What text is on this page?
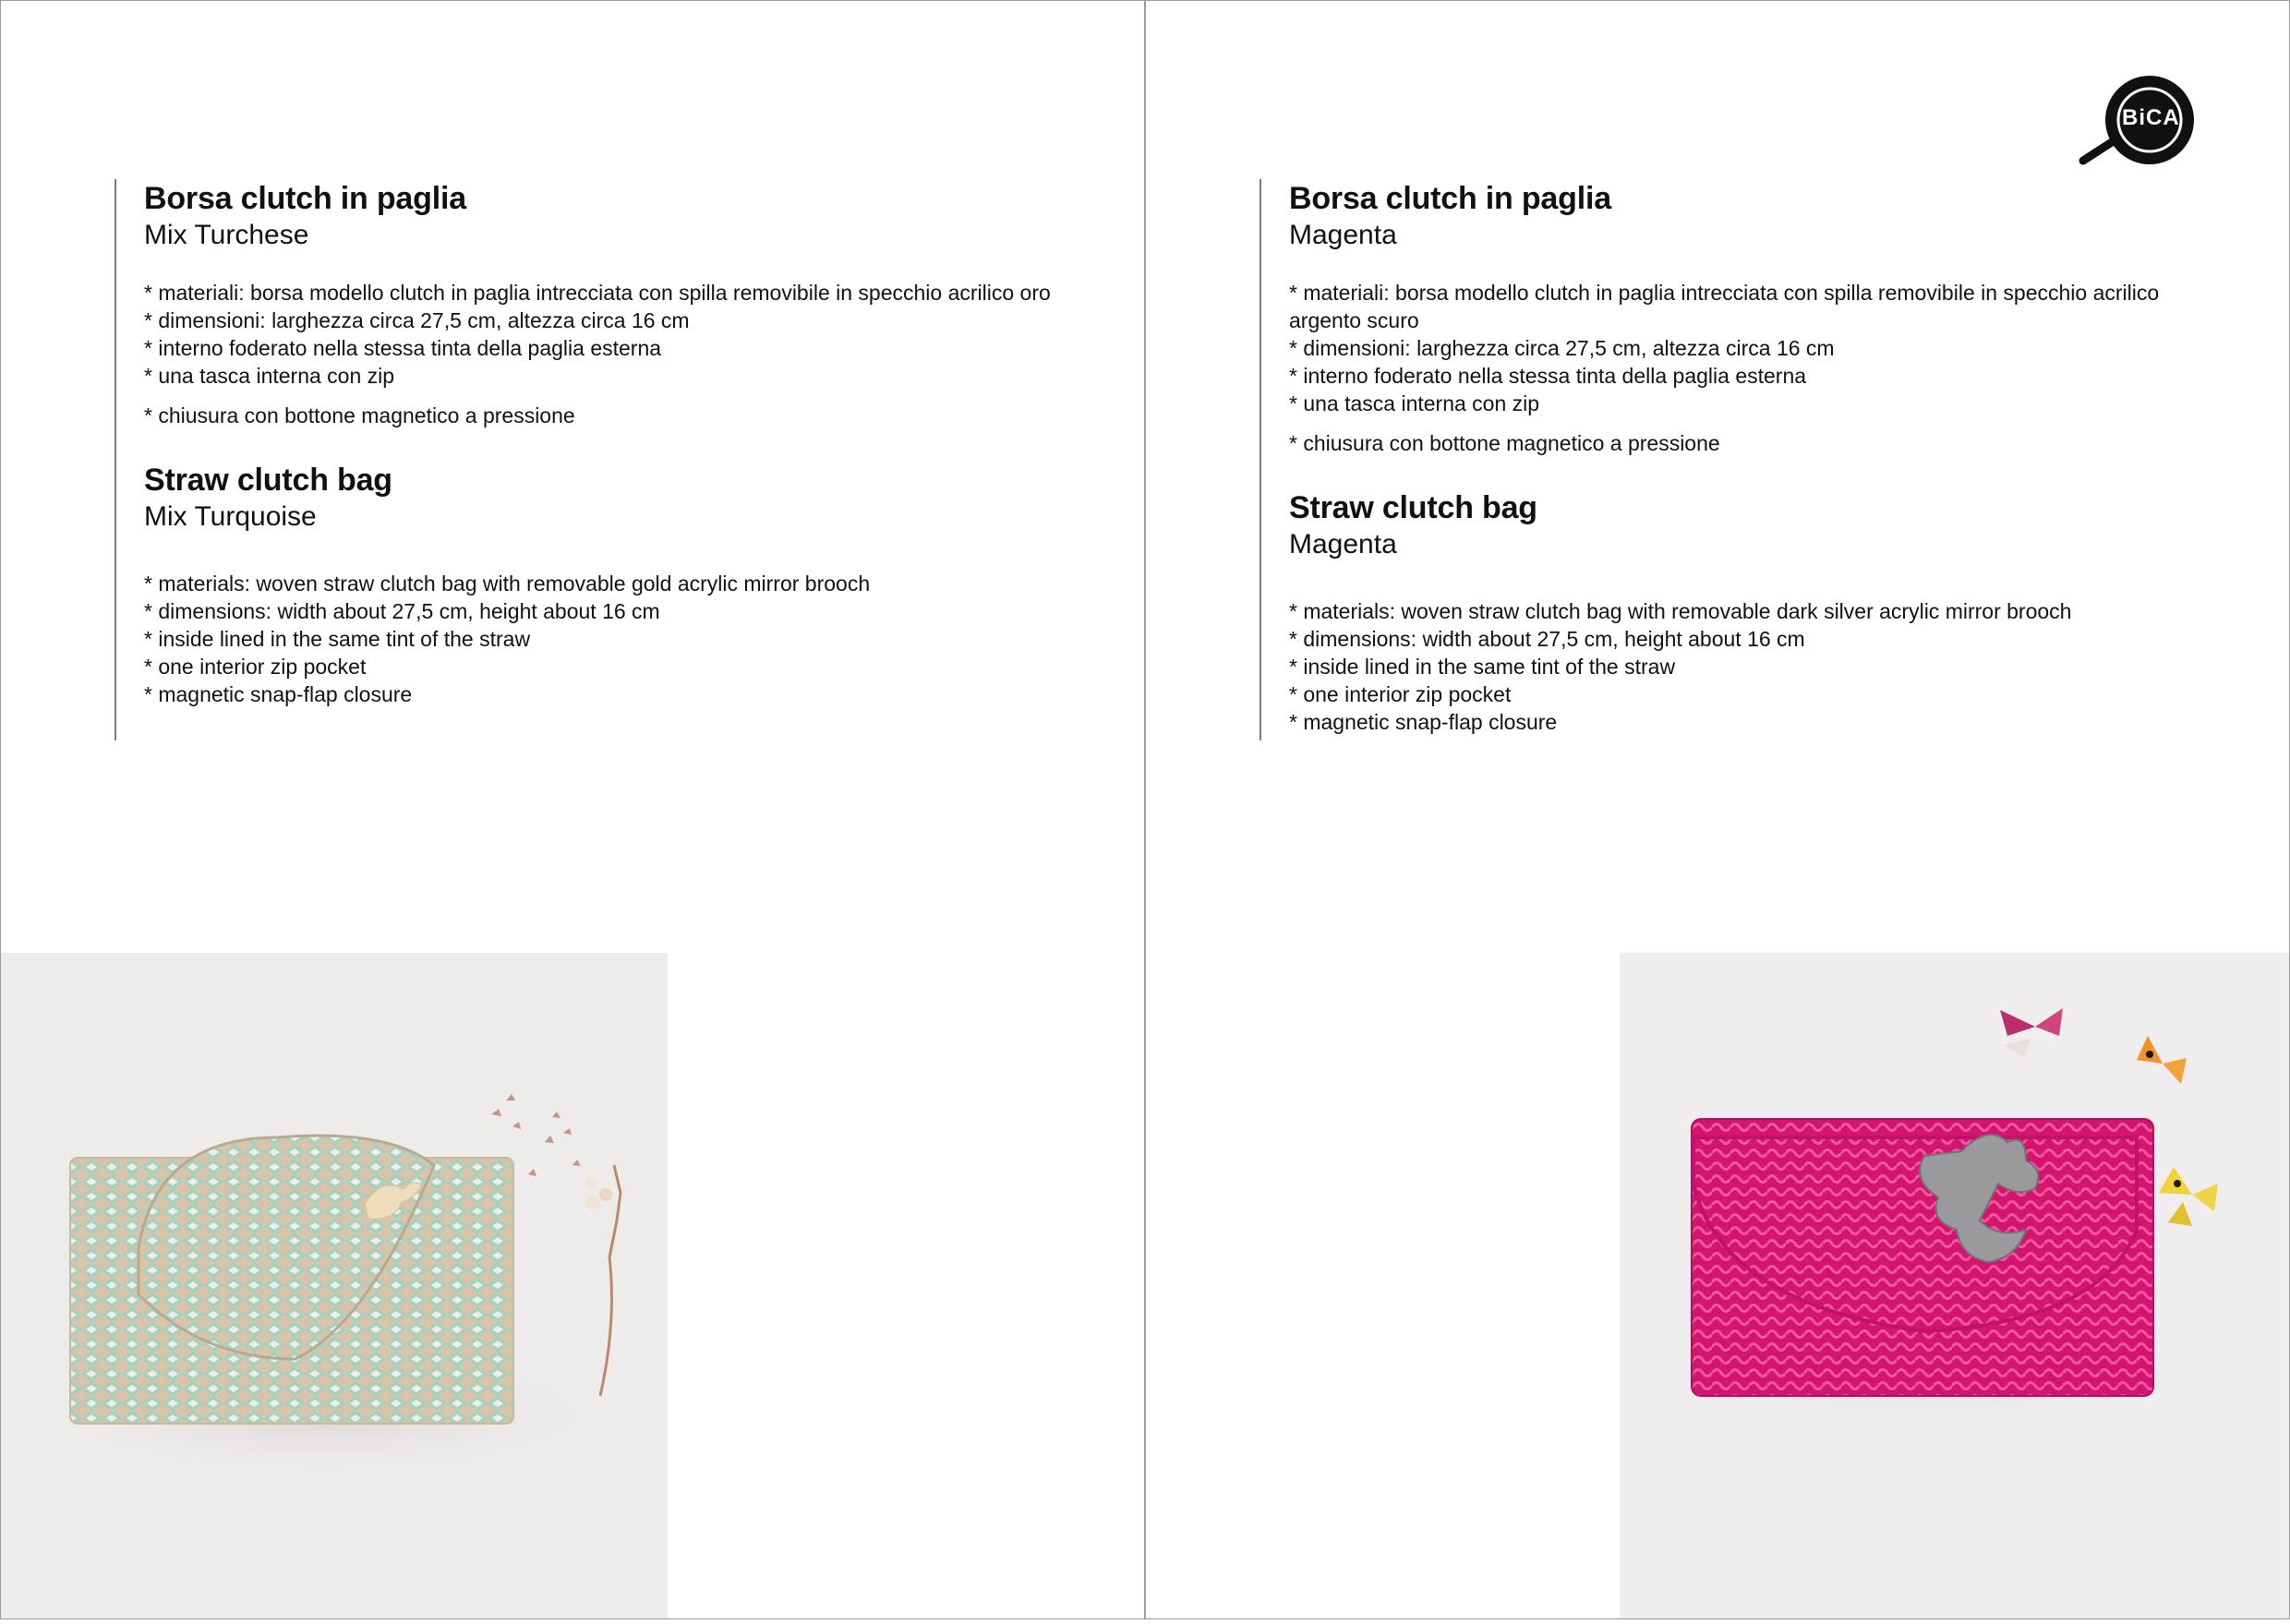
Borsa clutch in paglia

Mix Turchese

* materiali: borsa modello clutch in paglia intrecciata con spilla removibile in specchio acrilico oro
* dimensioni: larghezza circa 27,5 cm, altezza circa 16 cm
* interno foderato nella stessa tinta della paglia esterna
* una tasca interna con zip
* chiusura con bottone magnetico a pressione
Straw clutch bag

Mix Turquoise

* materials: woven straw clutch bag with removable gold acrylic mirror brooch
* dimensions: width about 27,5 cm, height about 16 cm
* inside lined in the same tint of the straw
* one interior zip pocket
* magnetic snap-flap closure
Borsa clutch in paglia

Magenta

* materiali: borsa modello clutch in paglia intrecciata con spilla removibile in specchio acrilico argento scuro
* dimensioni: larghezza circa 27,5 cm, altezza circa 16 cm
* interno foderato nella stessa tinta della paglia esterna
* una tasca interna con zip
* chiusura con bottone magnetico a pressione
Straw clutch bag

Magenta

* materials: woven straw clutch bag with removable dark silver acrylic mirror brooch
* dimensions: width about 27,5 cm, height about 16 cm
* inside lined in the same tint of the straw
* one interior zip pocket
* magnetic snap-flap closure
BiCA
